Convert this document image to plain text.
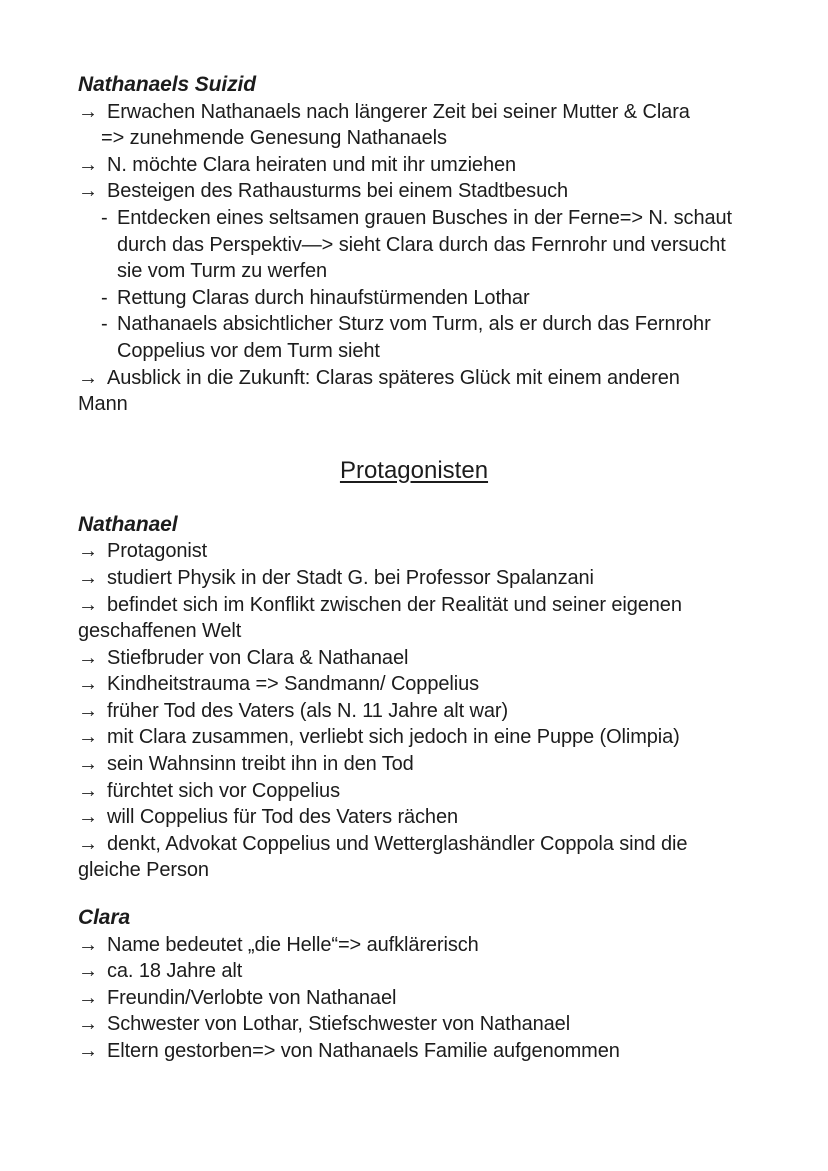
Nathanaels Suizid
→ Erwachen Nathanaels nach längerer Zeit bei seiner Mutter & Clara
=> zunehmende Genesung Nathanaels
→ N. möchte Clara heiraten und mit ihr umziehen
→ Besteigen des Rathausturms bei einem Stadtbesuch
- Entdecken eines seltsamen grauen Busches in der Ferne=> N. schaut
durch das Perspektiv—> sieht Clara durch das Fernrohr und versucht
sie vom Turm zu werfen
- Rettung Claras durch hinaufstürmenden Lothar
- Nathanaels absichtlicher Sturz vom Turm, als er durch das Fernrohr
Coppelius vor dem Turm sieht
→ Ausblick in die Zukunft: Claras späteres Glück mit einem anderen
Mann
Protagonisten
Nathanael
→ Protagonist
→ studiert Physik in der Stadt G. bei Professor Spalanzani
→ befindet sich im Konflikt zwischen der Realität und seiner eigenen
geschaffenen Welt
→ Stiefbruder von Clara & Nathanael
→ Kindheitstrauma => Sandmann/ Coppelius
→ früher Tod des Vaters (als N. 11 Jahre alt war)
→ mit Clara zusammen, verliebt sich jedoch in eine Puppe (Olimpia)
→ sein Wahnsinn treibt ihn in den Tod
→ fürchtet sich vor Coppelius
→ will Coppelius für Tod des Vaters rächen
→ denkt, Advokat Coppelius und Wetterglashändler Coppola sind die
gleiche Person
Clara
→ Name bedeutet „die Helle“=> aufklärerisch
→ ca. 18 Jahre alt
→ Freundin/Verlobte von Nathanael
→ Schwester von Lothar, Stiefschwester von Nathanael
→ Eltern gestorben=> von Nathanaels Familie aufgenommen
